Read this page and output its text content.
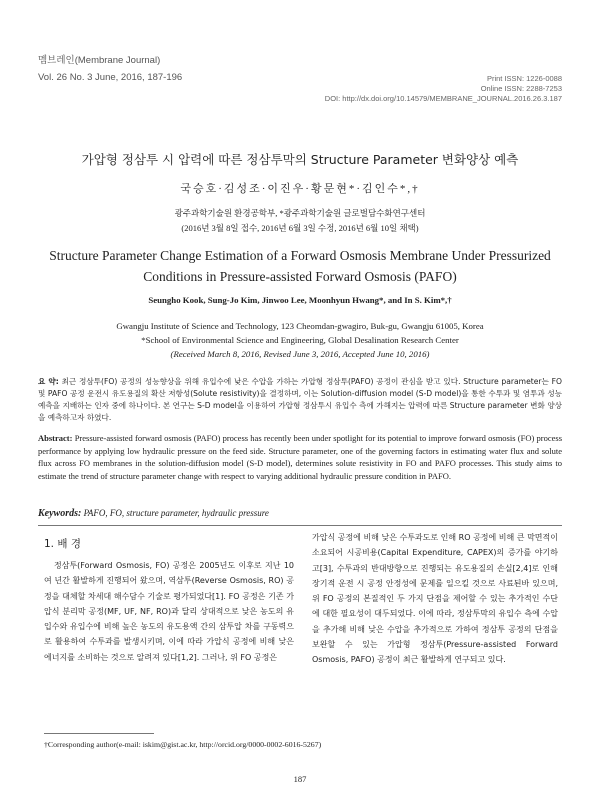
멤브레인(Membrane Journal)
Vol. 26 No. 3 June, 2016, 187-196	Print ISSN: 1226-0088
Online ISSN: 2288-7253
DOI: http://dx.doi.org/10.14579/MEMBRANE_JOURNAL.2016.26.3.187
가압형 정삼투 시 압력에 따른 정삼투막의 Structure Parameter 변화양상 예측
국승호·김성조·이진우·황문현*·김인수*,†
광주과학기술원 환경공학부, *광주과학기술원 글로벌담수화연구센터
(2016년 3월 8일 접수, 2016년 6월 3일 수정, 2016년 6월 10일 채택)
Structure Parameter Change Estimation of a Forward Osmosis Membrane Under Pressurized Conditions in Pressure-assisted Forward Osmosis (PAFO)
Seungho Kook, Sung-Jo Kim, Jinwoo Lee, Moonhyun Hwang*, and In S. Kim*,†
Gwangju Institute of Science and Technology, 123 Cheomdan-gwagiro, Buk-gu, Gwangju 61005, Korea
*School of Environmental Science and Engineering, Global Desalination Research Center
(Received March 8, 2016, Revised June 3, 2016, Accepted June 10, 2016)
요 약: 최근 정삼투(FO) 공정의 성능향상을 위해 유입수에 낮은 수압을 가하는 가압형 정삼투(PAFO) 공정이 관심을 받고 있다. Structure parameter는 FO 및 PAFO 공정 운전시 유도용질의 확산 저항성(Solute resistivity)을 결정하며, 이는 Solution-diffusion model (S-D model)을 통한 수투과 및 염투과 성능 예측을 지배하는 인자 중에 하나이다. 본 연구는 S-D model을 이용하여 가압형 정삼투시 유입수 측에 가해지는 압력에 따른 Structure parameter 변화 양상을 예측하고자 하였다.
Abstract: Pressure-assisted forward osmosis (PAFO) process has recently been under spotlight for its potential to improve forward osmosis (FO) process performance by applying low hydraulic pressure on the feed side. Structure parameter, one of the governing factors in estimating water flux and solute flux across FO membranes in the solution-diffusion model (S-D model), determines solute resistivity in FO and PAFO processes. This study aims to estimate the trend of structure parameter change with respect to varying additional hydraulic pressure condition in PAFO.
Keywords: PAFO, FO, structure parameter, hydraulic pressure
1. 배 경
정삼투(Forward Osmosis, FO) 공정은 2005년도 이후로 지난 10여 년간 활발하게 진행되어 왔으며, 역삼투(Reverse Osmosis, RO) 공정을 대체할 차세대 해수담수 기술로 평가되었다[1]. FO 공정은 기존 가압식 분리막 공정(MF, UF, NF, RO)과 달리 상대적으로 낮은 농도의 유입수와 유입수에 비해 높은 농도의 유도용액 간의 삼투압 차를 구동력으로 활용하여 수투과를 발생시키며, 이에 따라 가압식 공정에 비해 낮은 에너지를 소비하는 것으로 알려져 있다[1,2]. 그러나, 위 FO 공정은
가압식 공정에 비해 낮은 수투과도로 인해 RO 공정에 비해 큰 막면적이 소요되어 시공비용(Capital Expenditure, CAPEX)의 증가를 야기하고[3], 수투과의 반대방향으로 진행되는 유도용질의 손실[2,4]로 인해 장기적 운전 시 공정 안정성에 문제를 일으킬 것으로 사료된바 있으며, 위 FO 공정의 본질적인 두 가지 단점을 제어할 수 있는 추가적인 수단에 대한 필요성이 대두되었다. 이에 따라, 정삼투막의 유입수 측에 수압을 추가해 비해 낮은 수압을 추가적으로 가하여 정삼투 공정의 단점을 보완할 수 있는 가압형 정삼투(Pressure-assisted Forward Osmosis, PAFO) 공정이 최근 활발하게 연구되고 있다.
†Corresponding author(e-mail: iskim@gist.ac.kr, http://orcid.org/0000-0002-6016-5267)
187
